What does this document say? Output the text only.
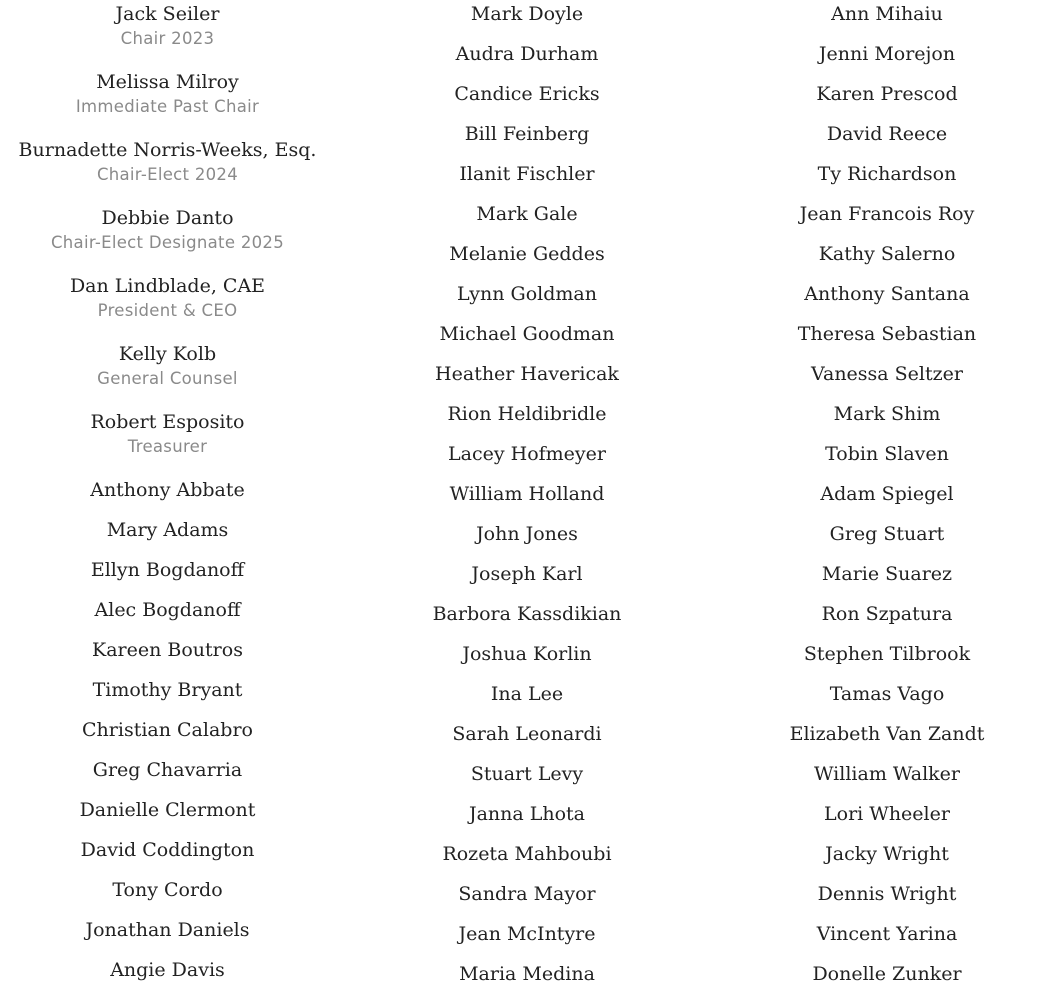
Jack Seiler

Chair 2023

Melissa Milroy

Immediate Past Chair

Burnadette Norris-Weeks, Esq.

Chair-Elect 2024

Debbie Danto

Chair-Elect Designate 2025

Dan Lindblade, CAE

President & CEO

Kelly Kolb

General Counsel

Robert Esposito

Treasurer

Anthony Abbate
Mary Adams
Ellyn Bogdanoff
Alec Bogdanoff
Kareen Boutros
Timothy Bryant
Christian Calabro
Greg Chavarria
Danielle Clermont
David Coddington
Tony Cordo
Jonathan Daniels
Angie Davis
Mark Doyle
Audra Durham
Candice Ericks
Bill Feinberg
Ilanit Fischler
Mark Gale
Melanie Geddes
Lynn Goldman
Michael Goodman
Heather Havericak
Rion Heldibridle
Lacey Hofmeyer
William Holland
John Jones
Joseph Karl
Barbora Kassdikian
Joshua Korlin
Ina Lee
Sarah Leonardi
Stuart Levy
Janna Lhota
Rozeta Mahboubi
Sandra Mayor
Jean McIntyre
Maria Medina
Ann Mihaiu
Jenni Morejon
Karen Prescod
David Reece
Ty Richardson
Jean Francois Roy
Kathy Salerno
Anthony Santana
Theresa Sebastian
Vanessa Seltzer
Mark Shim
Tobin Slaven
Adam Spiegel
Greg Stuart
Marie Suarez
Ron Szpatura
Stephen Tilbrook
Tamas Vago
Elizabeth Van Zandt
William Walker
Lori Wheeler
Jacky Wright
Dennis Wright
Vincent Yarina
Donelle Zunker
